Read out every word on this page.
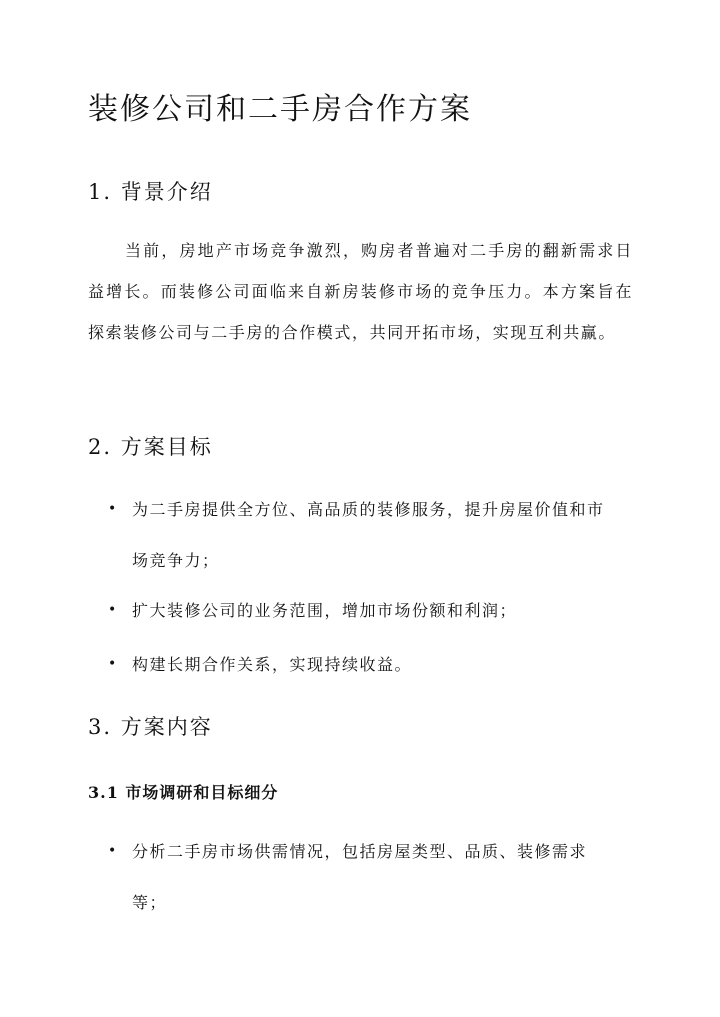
装修公司和二手房合作方案
1. 背景介绍

当前，房地产市场竞争激烈，购房者普遍对二手房的翻新需求日益增长。而装修公司面临来自新房装修市场的竞争压力。本方案旨在探索装修公司与二手房的合作模式，共同开拓市场，实现互利共赢。

2. 方案目标
• 为二手房提供全方位、高品质的装修服务，提升房屋价值和市场竞争力；
• 扩大装修公司的业务范围，增加市场份额和利润；
• 构建长期合作关系，实现持续收益。
3. 方案内容
3.1 市场调研和目标细分
• 分析二手房市场供需情况，包括房屋类型、品质、装修需求等；
